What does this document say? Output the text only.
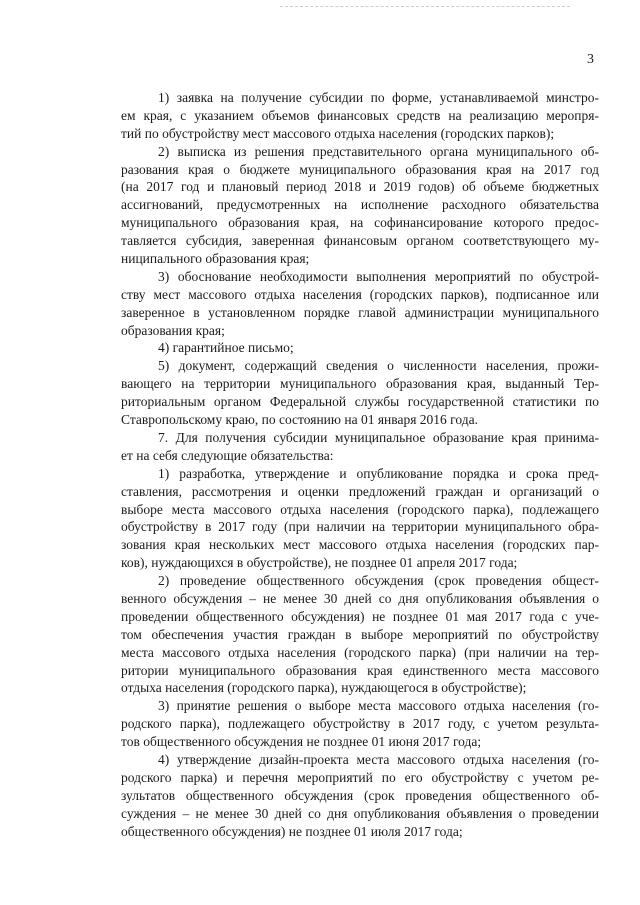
3
1) заявка на получение субсидии по форме, устанавливаемой минстро-
ем края, с указанием объемов финансовых средств на реализацию меропря-
тий по обустройству мест массового отдыха населения (городских парков);
2) выписка из решения представительного органа муниципального об-
разования края о бюджете муниципального образования края на 2017 год
(на 2017 год и плановый период 2018 и 2019 годов) об объеме бюджетных
ассигнований, предусмотренных на исполнение расходного обязательства
муниципального образования края, на софинансирование которого предос-
тавляется субсидия, заверенная финансовым органом соответствующего му-
ниципального образования края;
3) обоснование необходимости выполнения мероприятий по обустрой-
ству мест массового отдыха населения (городских парков), подписанное или
заверенное в установленном порядке главой администрации муниципального
образования края;
4) гарантийное письмо;
5) документ, содержащий сведения о численности населения, прожи-
вающего на территории муниципального образования края, выданный Тер-
риториальным органом Федеральной службы государственной статистики по
Ставропольскому краю, по состоянию на 01 января 2016 года.
7. Для получения субсидии муниципальное образование края принима-
ет на себя следующие обязательства:
1) разработка, утверждение и опубликование порядка и срока пред-
ставления, рассмотрения и оценки предложений граждан и организаций о
выборе места массового отдыха населения (городского парка), подлежащего
обустройству в 2017 году (при наличии на территории муниципального обра-
зования края нескольких мест массового отдыха населения (городских пар-
ков), нуждающихся в обустройстве), не позднее 01 апреля 2017 года;
2) проведение общественного обсуждения (срок проведения общест-
венного обсуждения – не менее 30 дней со дня опубликования объявления о
проведении общественного обсуждения) не позднее 01 мая 2017 года с уче-
том обеспечения участия граждан в выборе мероприятий по обустройству
места массового отдыха населения (городского парка) (при наличии на тер-
ритории муниципального образования края единственного места массового
отдыха населения (городского парка), нуждающегося в обустройстве);
3) принятие решения о выборе места массового отдыха населения (го-
родского парка), подлежащего обустройству в 2017 году, с учетом результа-
тов общественного обсуждения не позднее 01 июня 2017 года;
4) утверждение дизайн-проекта места массового отдыха населения (го-
родского парка) и перечня мероприятий по его обустройству с учетом ре-
зультатов общественного обсуждения (срок проведения общественного об-
суждения – не менее 30 дней со дня опубликования объявления о проведении
общественного обсуждения) не позднее 01 июля 2017 года;
